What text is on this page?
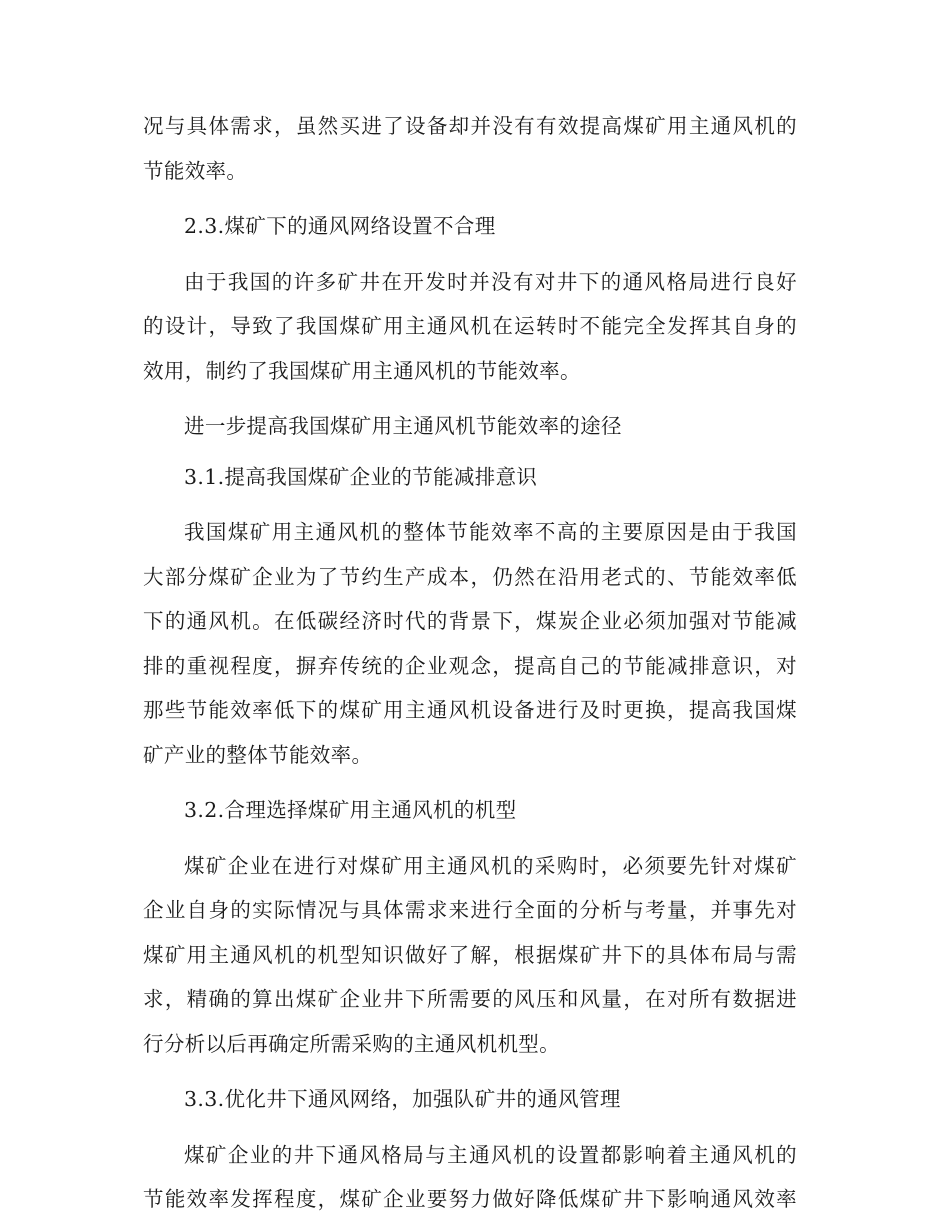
况与具体需求，虽然买进了设备却并没有有效提高煤矿用主通风机的
节能效率。
2.3.煤矿下的通风网络设置不合理
由于我国的许多矿井在开发时并没有对井下的通风格局进行良好
的设计，导致了我国煤矿用主通风机在运转时不能完全发挥其自身的
效用，制约了我国煤矿用主通风机的节能效率。
进一步提高我国煤矿用主通风机节能效率的途径
3.1.提高我国煤矿企业的节能减排意识
我国煤矿用主通风机的整体节能效率不高的主要原因是由于我国
大部分煤矿企业为了节约生产成本，仍然在沿用老式的、节能效率低
下的通风机。在低碳经济时代的背景下，煤炭企业必须加强对节能减
排的重视程度，摒弃传统的企业观念，提高自己的节能减排意识，对
那些节能效率低下的煤矿用主通风机设备进行及时更换，提高我国煤
矿产业的整体节能效率。
3.2.合理选择煤矿用主通风机的机型
煤矿企业在进行对煤矿用主通风机的采购时，必须要先针对煤矿
企业自身的实际情况与具体需求来进行全面的分析与考量，并事先对
煤矿用主通风机的机型知识做好了解，根据煤矿井下的具体布局与需
求，精确的算出煤矿企业井下所需要的风压和风量，在对所有数据进
行分析以后再确定所需采购的主通风机机型。
3.3.优化井下通风网络，加强队矿井的通风管理
煤矿企业的井下通风格局与主通风机的设置都影响着主通风机的
节能效率发挥程度，煤矿企业要努力做好降低煤矿井下影响通风效率
